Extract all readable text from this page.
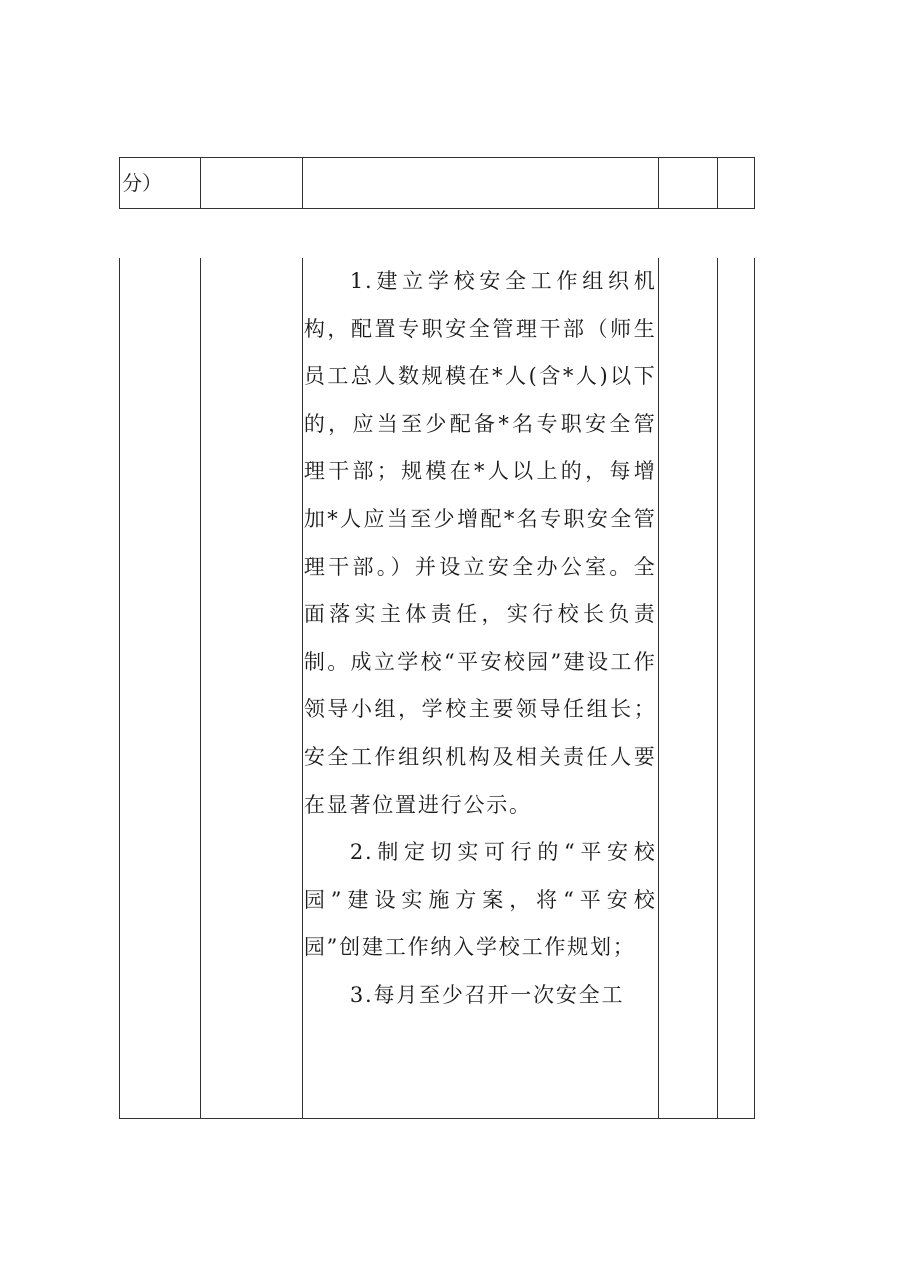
分）

1.建立学校安全工作组织机构，配置专职安全管理干部（师生员工总人数规模在*人(含*人)以下的，应当至少配备*名专职安全管理干部；规模在*人以上的，每增加*人应当至少增配*名专职安全管理干部。）并设立安全办公室。全面落实主体责任，实行校长负责制。成立学校“平安校园”建设工作领导小组，学校主要领导任组长；安全工作组织机构及相关责任人要在显著位置进行公示。

2.制定切实可行的“平安校园”建设实施方案，将“平安校园”创建工作纳入学校工作规划；

3.每月至少召开一次安全工
